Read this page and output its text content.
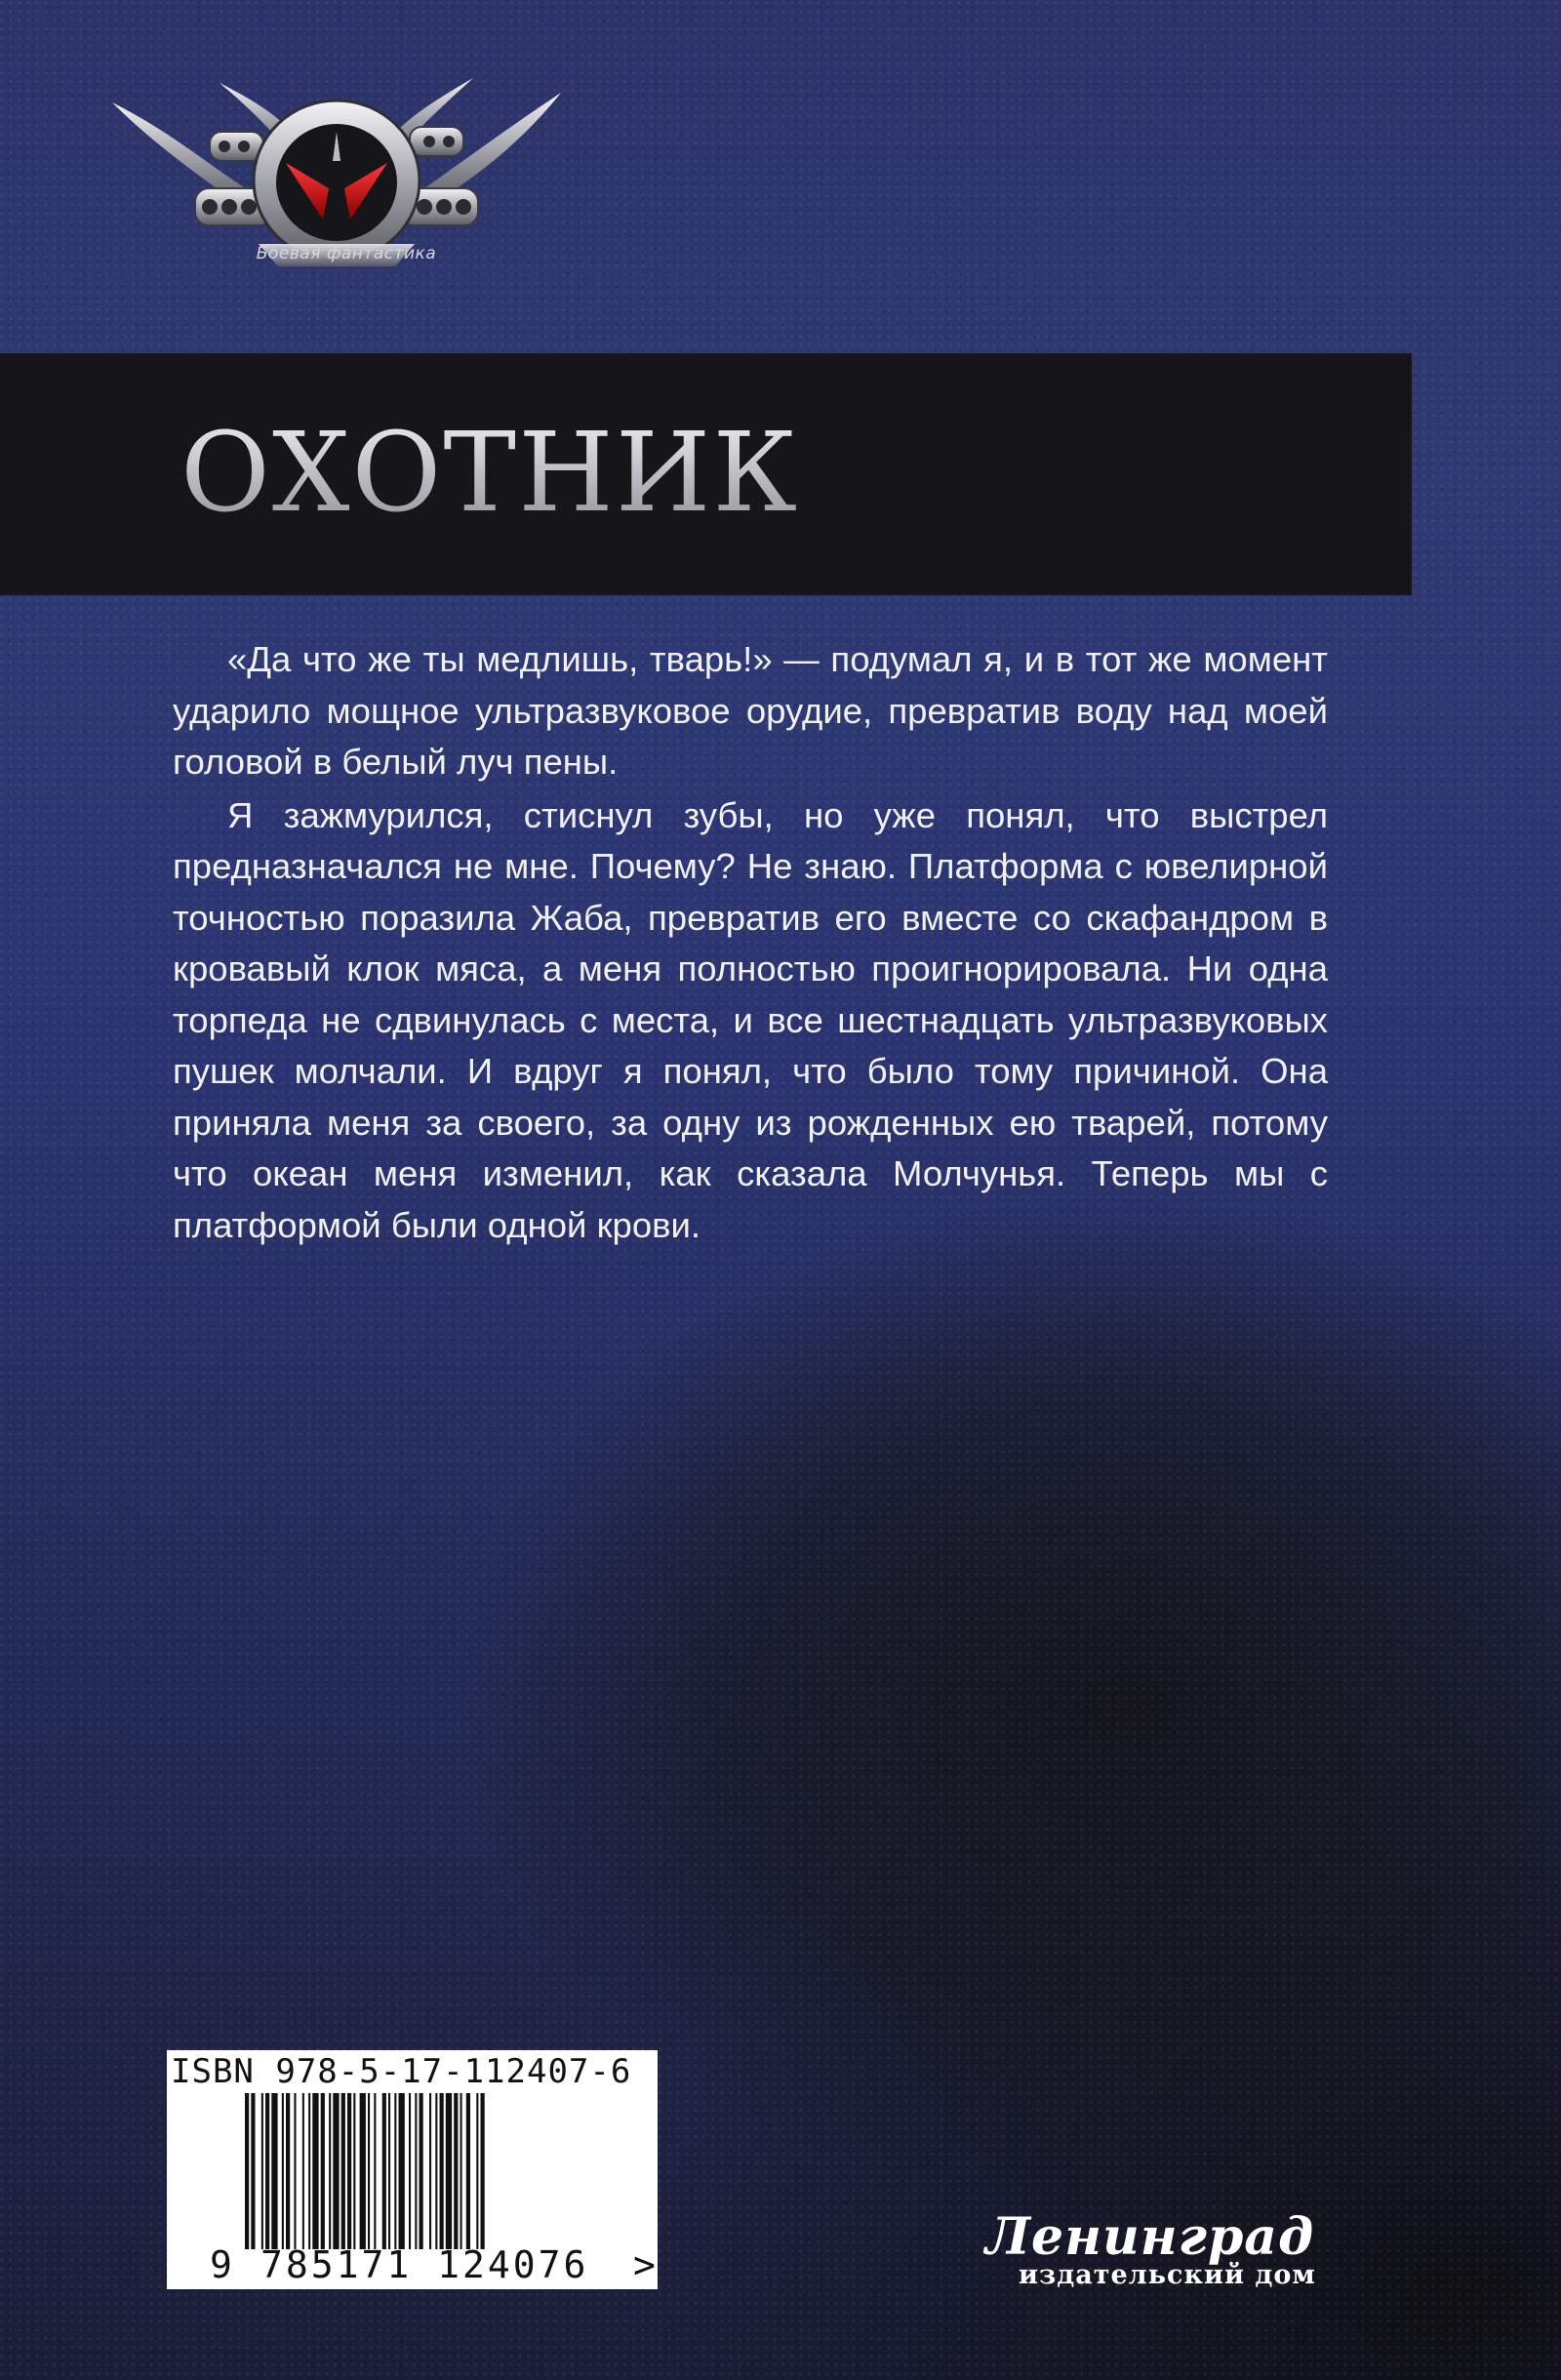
Боевая фантастика
ОХОТНИК

«Да что же ты медлишь, тварь!» — подумал я, и в тот же момент ударило мощное ультразвуковое орудие, превратив воду над моей головой в белый луч пены.

Я зажмурился, стиснул зубы, но уже понял, что выстрел предназначался не мне. Почему? Не знаю. Платформа с ювелирной точностью поразила Жаба, превратив его вместе со скафандром в кровавый клок мяса, а меня полностью проигнорировала. Ни одна торпеда не сдвинулась с места, и все шестнадцать ультразвуковых пушек молчали. И вдруг я понял, что было тому причиной. Она приняла меня за своего, за одну из рожденных ею тварей, потому что океан меня изменил, как сказала Молчунья. Теперь мы с платформой были одной крови.

ISBN 978-5-17-112407-6
9 785171 124076 >	Ленинград
издательский дом
